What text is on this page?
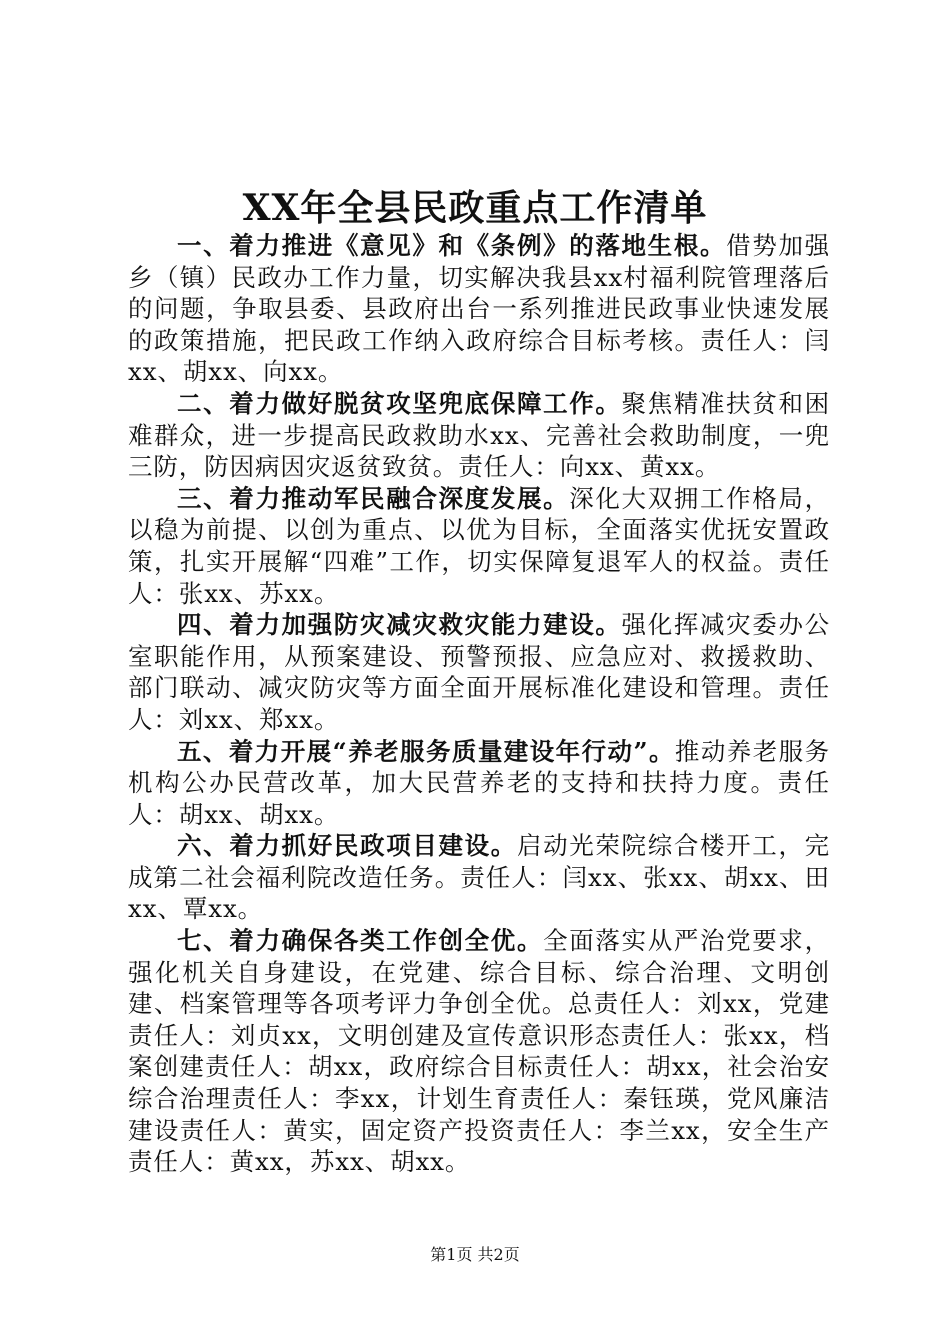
XX年全县民政重点工作清单

一、着力推进《意见》和《条例》的落地生根。借势加强乡（镇）民政办工作力量，切实解决我县xx村福利院管理落后的问题，争取县委、县政府出台一系列推进民政事业快速发展的政策措施，把民政工作纳入政府综合目标考核。责任人：闫xx、胡xx、向xx。

二、着力做好脱贫攻坚兜底保障工作。聚焦精准扶贫和困难群众，进一步提高民政救助水xx、完善社会救助制度，一兜三防，防因病因灾返贫致贫。责任人：向xx、黄xx。

三、着力推动军民融合深度发展。深化大双拥工作格局，以稳为前提、以创为重点、以优为目标，全面落实优抚安置政策，扎实开展解“四难”工作，切实保障复退军人的权益。责任人：张xx、苏xx。

四、着力加强防灾减灾救灾能力建设。强化挥减灾委办公室职能作用，从预案建设、预警预报、应急应对、救援救助、部门联动、减灾防灾等方面全面开展标准化建设和管理。责任人：刘xx、郑xx。

五、着力开展“养老服务质量建设年行动”。推动养老服务机构公办民营改革，加大民营养老的支持和扶持力度。责任人：胡xx、胡xx。

六、着力抓好民政项目建设。启动光荣院综合楼开工，完成第二社会福利院改造任务。责任人：闫xx、张xx、胡xx、田xx、覃xx。

七、着力确保各类工作创全优。全面落实从严治党要求，强化机关自身建设，在党建、综合目标、综合治理、文明创建、档案管理等各项考评力争创全优。总责任人：刘xx，党建责任人：刘贞xx，文明创建及宣传意识形态责任人：张xx，档案创建责任人：胡xx，政府综合目标责任人：胡xx，社会治安综合治理责任人：李xx，计划生育责任人：秦钰瑛，党风廉洁建设责任人：黄实，固定资产投资责任人：李兰xx，安全生产责任人：黄xx，苏xx、胡xx。

第1页 共2页
